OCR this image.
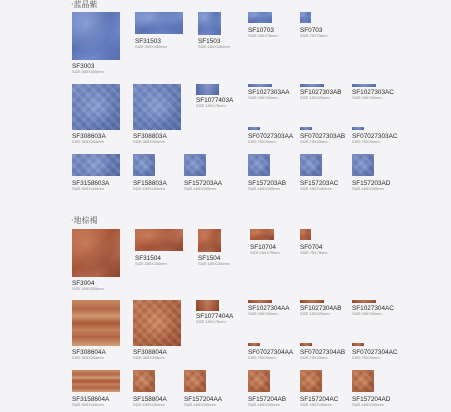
·蓝晶紫
SF3003
SIZE:305X305mm
SF31503
SIZE:305X150mm
SF1503
SIZE:150X150mm
SF10703
SIZE:150X75mm
SF0703
SIZE:75X75mm
SF308603A
SIZE:305X305mm
SF308803A
SIZE:305X305mm
SF1077403A
SIZE:150X75mm
SF1027303AA
SIZE:150X25mm
SF1027303AB
SIZE:150X25mm
SF1027303AC
SIZE:150X25mm
SF07027303AA
SIZE:75X25mm
SF07027303AB
SIZE:75X25mm
SF07027303AC
SIZE:75X25mm
SF3158603A
SIZE:305X150mm
SF158803A
SIZE:150X150mm
SF157203AA
SIZE:150X150mm
SF157203AB
SIZE:150X150mm
SF157203AC
SIZE:150X150mm
SF157203AD
SIZE:150X150mm
·地棕褐
SF3004
SIZE:305X305mm
SF31504
SIZE:305X150mm
SF1504
SIZE:150X150mm
SF10704
SIZE:150X75mm
SF0704
SIZE:75X75mm
SF308604A
SIZE:305X305mm
SF308804A
SIZE:305X305mm
SF1077404A
SIZE:150X75mm
SF1027304AA
SIZE:150X25mm
SF1027304AB
SIZE:150X25mm
SF1027304AC
SIZE:150X25mm
SF07027304AA
SIZE:75X25mm
SF07027304AB
SIZE:75X25mm
SF07027304AC
SIZE:75X25mm
SF3158604A
SIZE:305X150mm
SF158804A
SIZE:150X150mm
SF157204AA
SIZE:150X150mm
SF157204AB
SIZE:150X150mm
SF157204AC
SIZE:150X150mm
SF157204AD
SIZE:150X150mm
